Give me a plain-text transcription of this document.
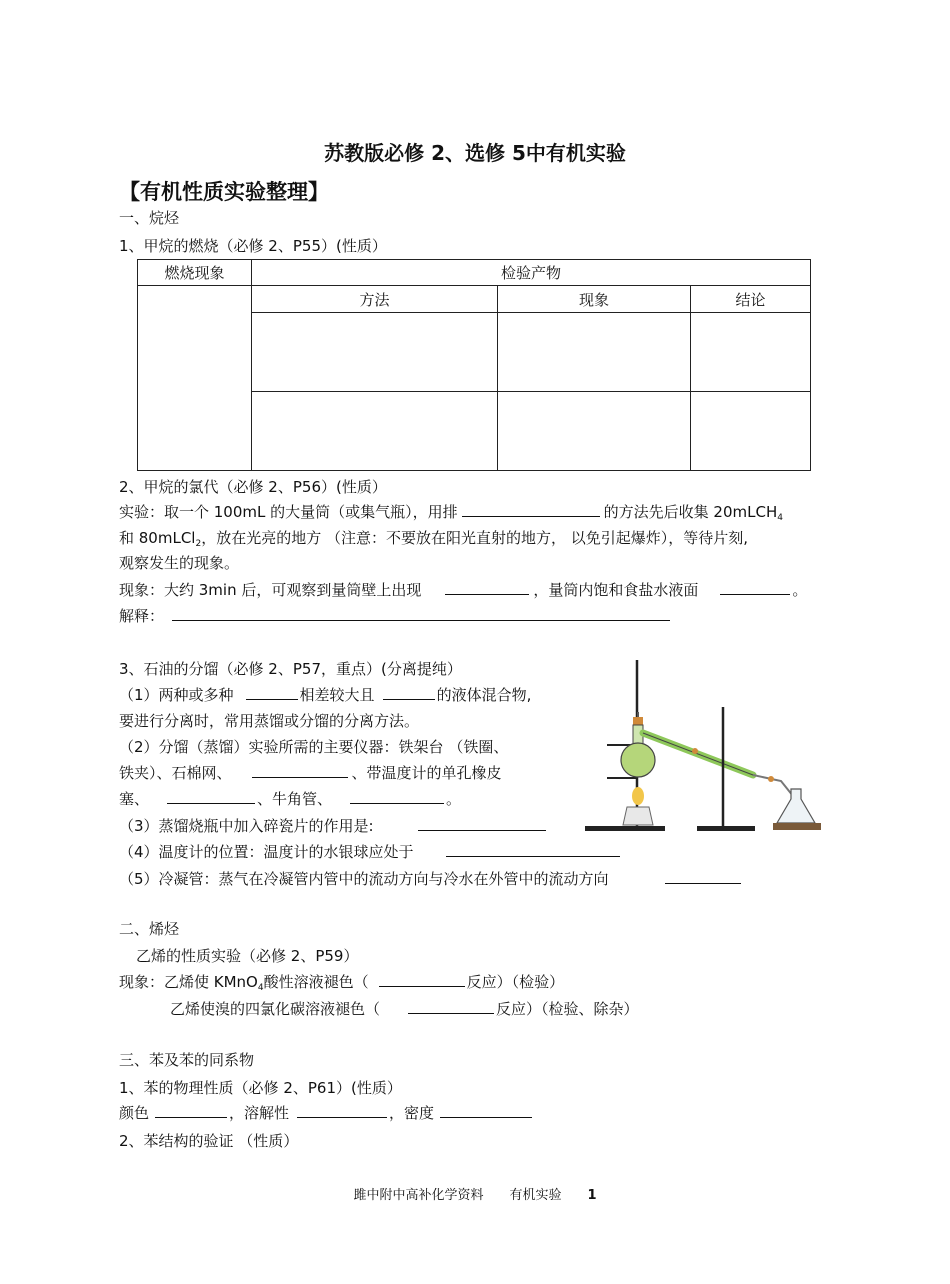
苏教版必修 2、选修 5中有机实验
【有机性质实验整理】
一、烷烃
1、甲烷的燃烧（必修 2、P55）(性质）
燃烧现象	检验产物		
	方法	现象	结论

2、甲烷的氯代（必修 2、P56）(性质）
实验：取一个 100mL 的大量筒（或集气瓶），用排	的方法先后收集 20mLCH$_4$
和 80mLCl$_2$，放在光亮的地方 （注意：不要放在阳光直射的地方， 以免引起爆炸），等待片刻,
观察发生的现象。
现象：大约 3min 后，可观察到量筒壁上出现	，量筒内饱和食盐水液面	。
解释：
3、石油的分馏（必修 2、P57，重点）(分离提纯）
（1）两种或多种	相差较大且	的液体混合物,
要进行分离时，常用蒸馏或分馏的分离方法。
（2）分馏（蒸馏）实验所需的主要仪器：铁架台 （铁圈、
铁夹）、石棉网、	、带温度计的单孔橡皮
塞、	、牛角管、	。
（3）蒸馏烧瓶中加入碎瓷片的作用是:
（4）温度计的位置：温度计的水银球应处于
（5）冷凝管：蒸气在冷凝管内管中的流动方向与冷水在外管中的流动方向
二、烯烃
乙烯的性质实验（必修 2、P59）
现象：乙烯使 KMnO$_4$酸性溶液褪色（	反应）（检验）
乙烯使溴的四氯化碳溶液褪色（	反应）（检验、除杂）
三、苯及苯的同系物
1、苯的物理性质（必修 2、P61）(性质）
颜色	，溶解性	，密度
2、苯结构的验证 （性质）
雎中附中高补化学资料 有机实验 1
